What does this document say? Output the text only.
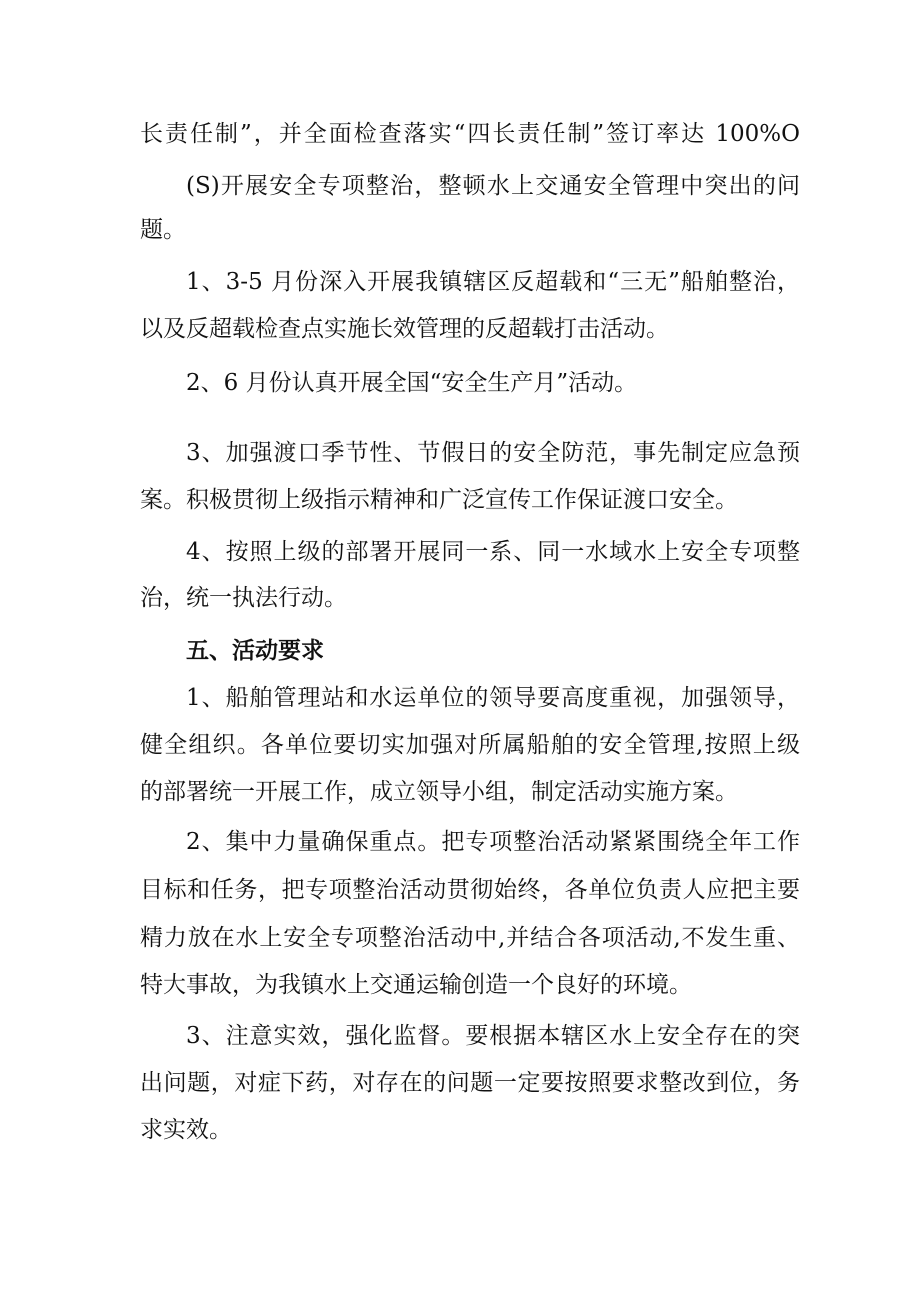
长责任制”，并全面检查落实“四长责任制”签订率达 100%O
(S)开展安全专项整治，整顿水上交通安全管理中突出的问
题。
1、3-5 月份深入开展我镇辖区反超载和“三无”船舶整治，
以及反超载检查点实施长效管理的反超载打击活动。
2、6 月份认真开展全国“安全生产月”活动。
3、加强渡口季节性、节假日的安全防范，事先制定应急预
案。积极贯彻上级指示精神和广泛宣传工作保证渡口安全。
4、按照上级的部署开展同一系、同一水域水上安全专项整
治，统一执法行动。
五、活动要求
1、船舶管理站和水运单位的领导要高度重视，加强领导，
健全组织。各单位要切实加强对所属船舶的安全管理,按照上级
的部署统一开展工作，成立领导小组，制定活动实施方案。
2、集中力量确保重点。把专项整治活动紧紧围绕全年工作
目标和任务，把专项整治活动贯彻始终，各单位负责人应把主要
精力放在水上安全专项整治活动中,并结合各项活动,不发生重、
特大事故，为我镇水上交通运输创造一个良好的环境。
3、注意实效，强化监督。要根据本辖区水上安全存在的突
出问题，对症下药，对存在的问题一定要按照要求整改到位，务
求实效。
